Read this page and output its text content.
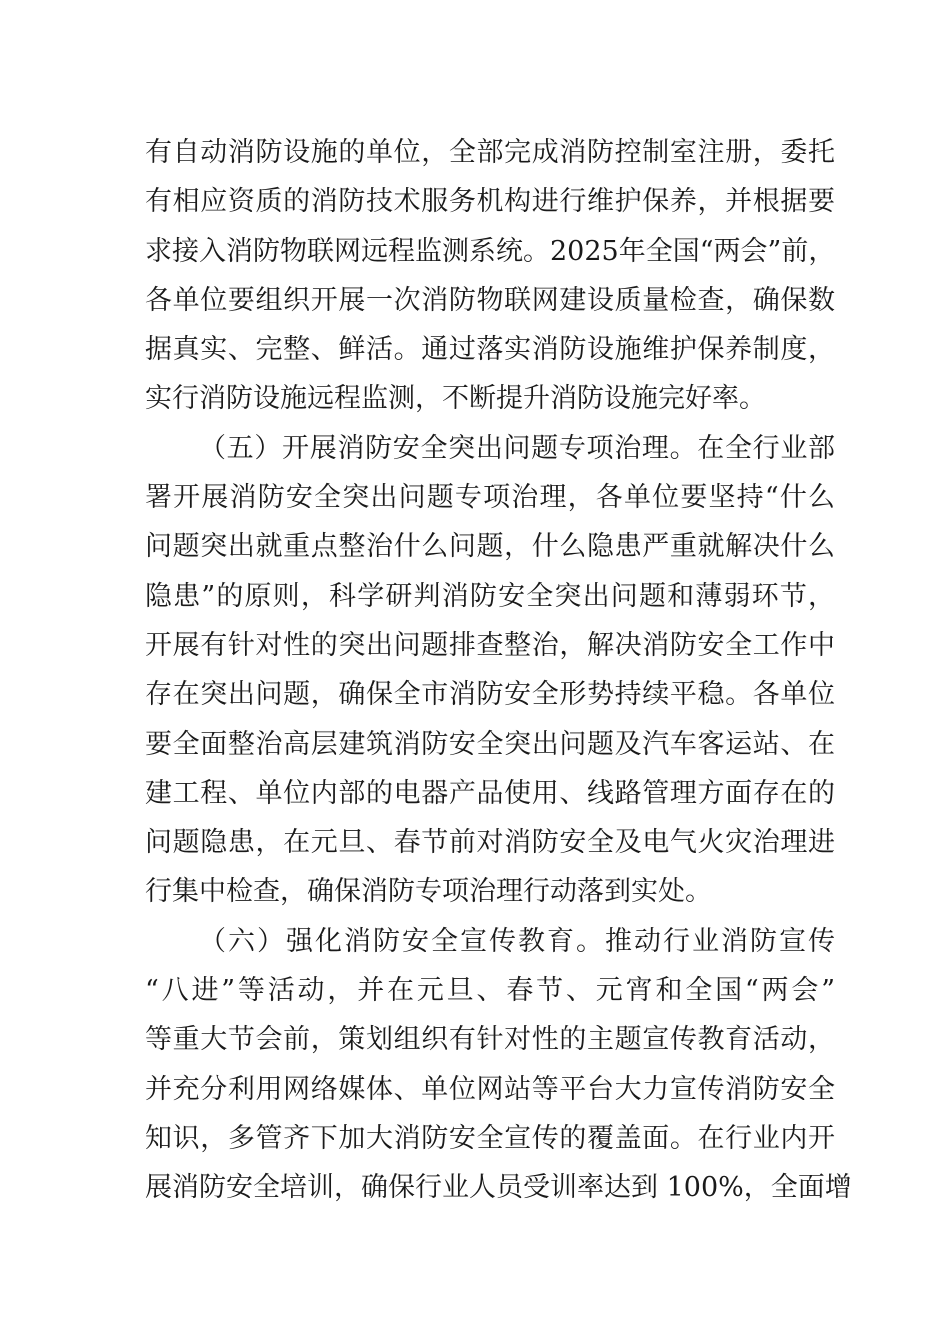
有自动消防设施的单位，全部完成消防控制室注册，委托
有相应资质的消防技术服务机构进行维护保养，并根据要
求接入消防物联网远程监测系统。2025年全国“两会”前，
各单位要组织开展一次消防物联网建设质量检查，确保数
据真实、完整、鲜活。通过落实消防设施维护保养制度，
实行消防设施远程监测，不断提升消防设施完好率。
（五）开展消防安全突出问题专项治理。在全行业部
署开展消防安全突出问题专项治理，各单位要坚持“什么
问题突出就重点整治什么问题，什么隐患严重就解决什么
隐患”的原则，科学研判消防安全突出问题和薄弱环节，
开展有针对性的突出问题排查整治，解决消防安全工作中
存在突出问题，确保全市消防安全形势持续平稳。各单位
要全面整治高层建筑消防安全突出问题及汽车客运站、在
建工程、单位内部的电器产品使用、线路管理方面存在的
问题隐患，在元旦、春节前对消防安全及电气火灾治理进
行集中检查，确保消防专项治理行动落到实处。
（六）强化消防安全宣传教育。推动行业消防宣传
“八进”等活动，并在元旦、春节、元宵和全国“两会”
等重大节会前，策划组织有针对性的主题宣传教育活动，
并充分利用网络媒体、单位网站等平台大力宣传消防安全
知识，多管齐下加大消防安全宣传的覆盖面。在行业内开
展消防安全培训，确保行业人员受训率达到 100%，全面增
